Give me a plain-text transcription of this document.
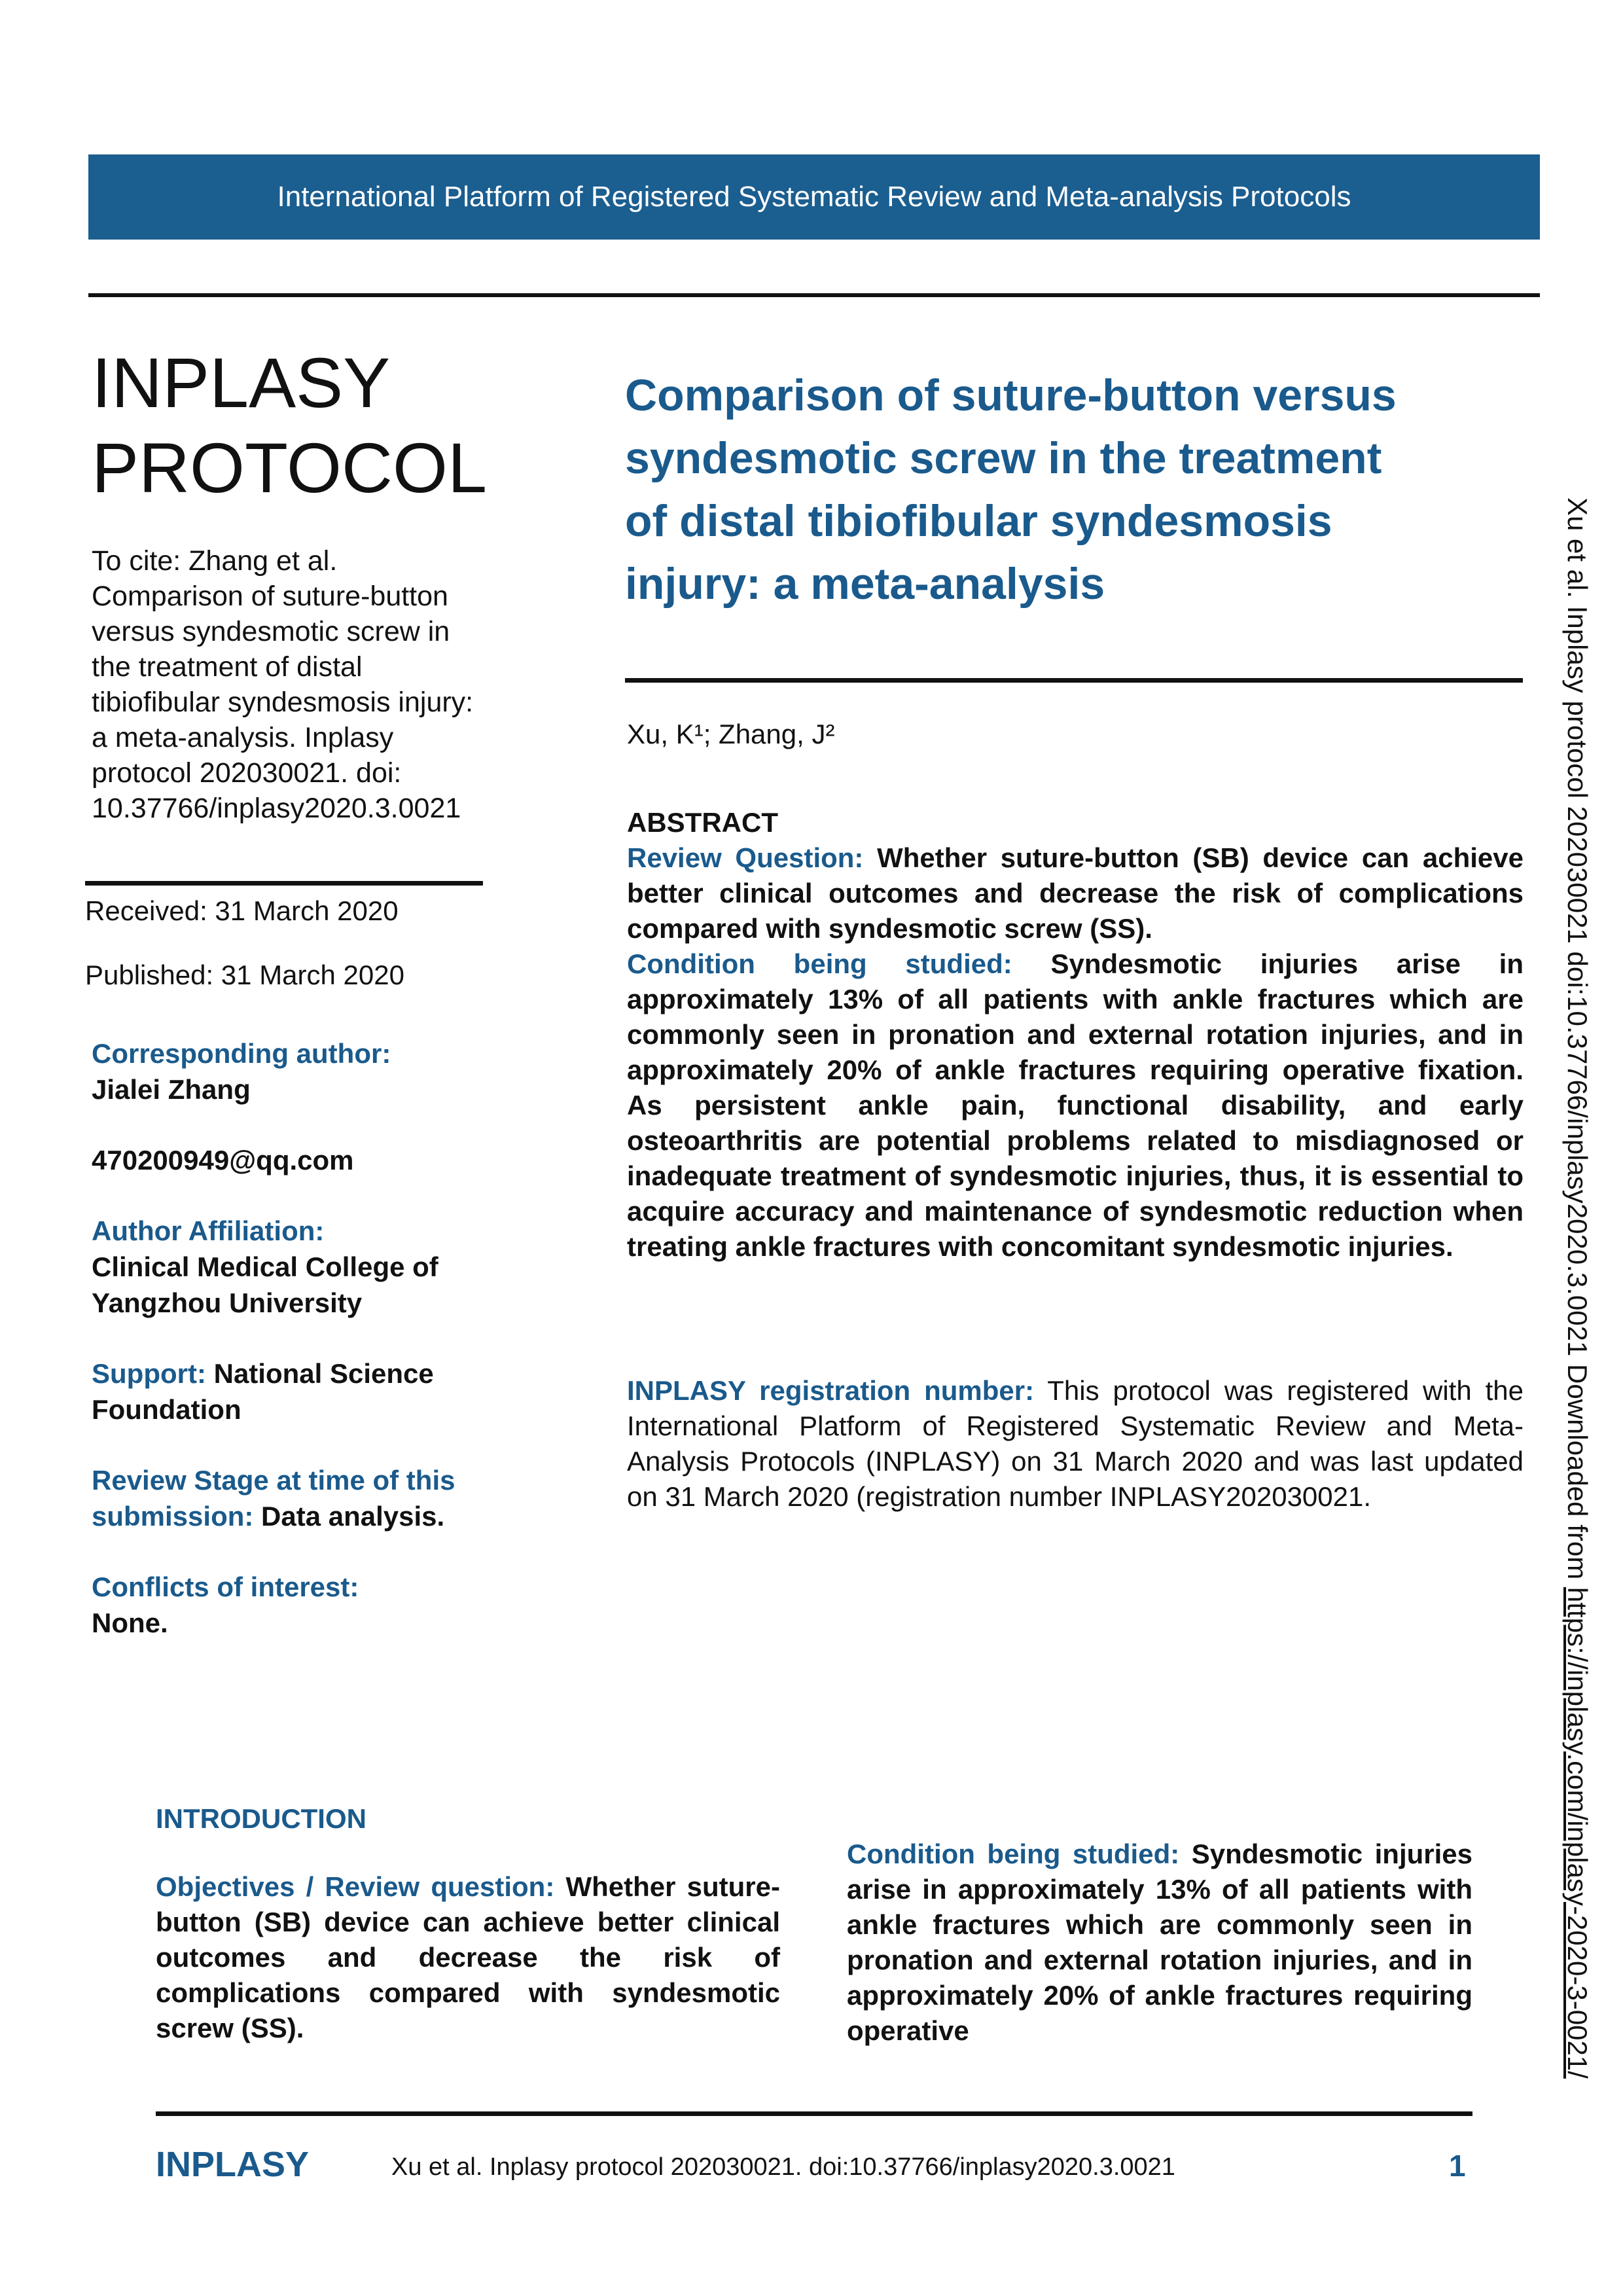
International Platform of Registered Systematic Review and Meta-analysis Protocols
INPLASY
PROTOCOL
To cite: Zhang et al.
Comparison of suture-button
versus syndesmotic screw in
the treatment of distal
tibiofibular syndesmosis injury:
a meta-analysis. Inplasy
protocol 202030021. doi:
10.37766/inplasy2020.3.0021
Received: 31 March 2020
Published: 31 March 2020
Corresponding author:
Jialei Zhang
470200949@qq.com
Author Affiliation:
Clinical Medical College of
Yangzhou University
Support: National Science
Foundation
Review Stage at time of this
submission: Data analysis.
Conflicts of interest:
None.
Comparison of suture-button versus
syndesmotic screw in the treatment
of distal tibiofibular syndesmosis
injury: a meta-analysis
Xu, K¹; Zhang, J²
ABSTRACT

Review Question: Whether suture-button (SB) device can achieve better clinical outcomes and decrease the risk of complications compared with syndesmotic screw (SS).

Condition being studied: Syndesmotic injuries arise in approximately 13% of all patients with ankle fractures which are commonly seen in pronation and external rotation injuries, and in approximately 20% of ankle fractures requiring operative fixation. As persistent ankle pain, functional disability, and early osteoarthritis are potential problems related to misdiagnosed or inadequate treatment of syndesmotic injuries, thus, it is essential to acquire accuracy and maintenance of syndesmotic reduction when treating ankle fractures with concomitant syndesmotic injuries.

INPLASY registration number: This protocol was registered with the International Platform of Registered Systematic Review and Meta-Analysis Protocols (INPLASY) on 31 March 2020 and was last updated on 31 March 2020 (registration number INPLASY202030021.

INTRODUCTION

Objectives / Review question: Whether suture-button (SB) device can achieve better clinical outcomes and decrease the risk of complications compared with syndesmotic screw (SS).

Condition being studied: Syndesmotic injuries arise in approximately 13% of all patients with ankle fractures which are commonly seen in pronation and external rotation injuries, and in approximately 20% of ankle fractures requiring operative

Xu et al. Inplasy protocol 202030021 doi:10.37766/inplasy2020.3.0021 Downloaded from https://inplasy.com/inplasy-2020-3-0021/
INPLASY	Xu et al. Inplasy protocol 202030021. doi:10.37766/inplasy2020.3.0021	1
